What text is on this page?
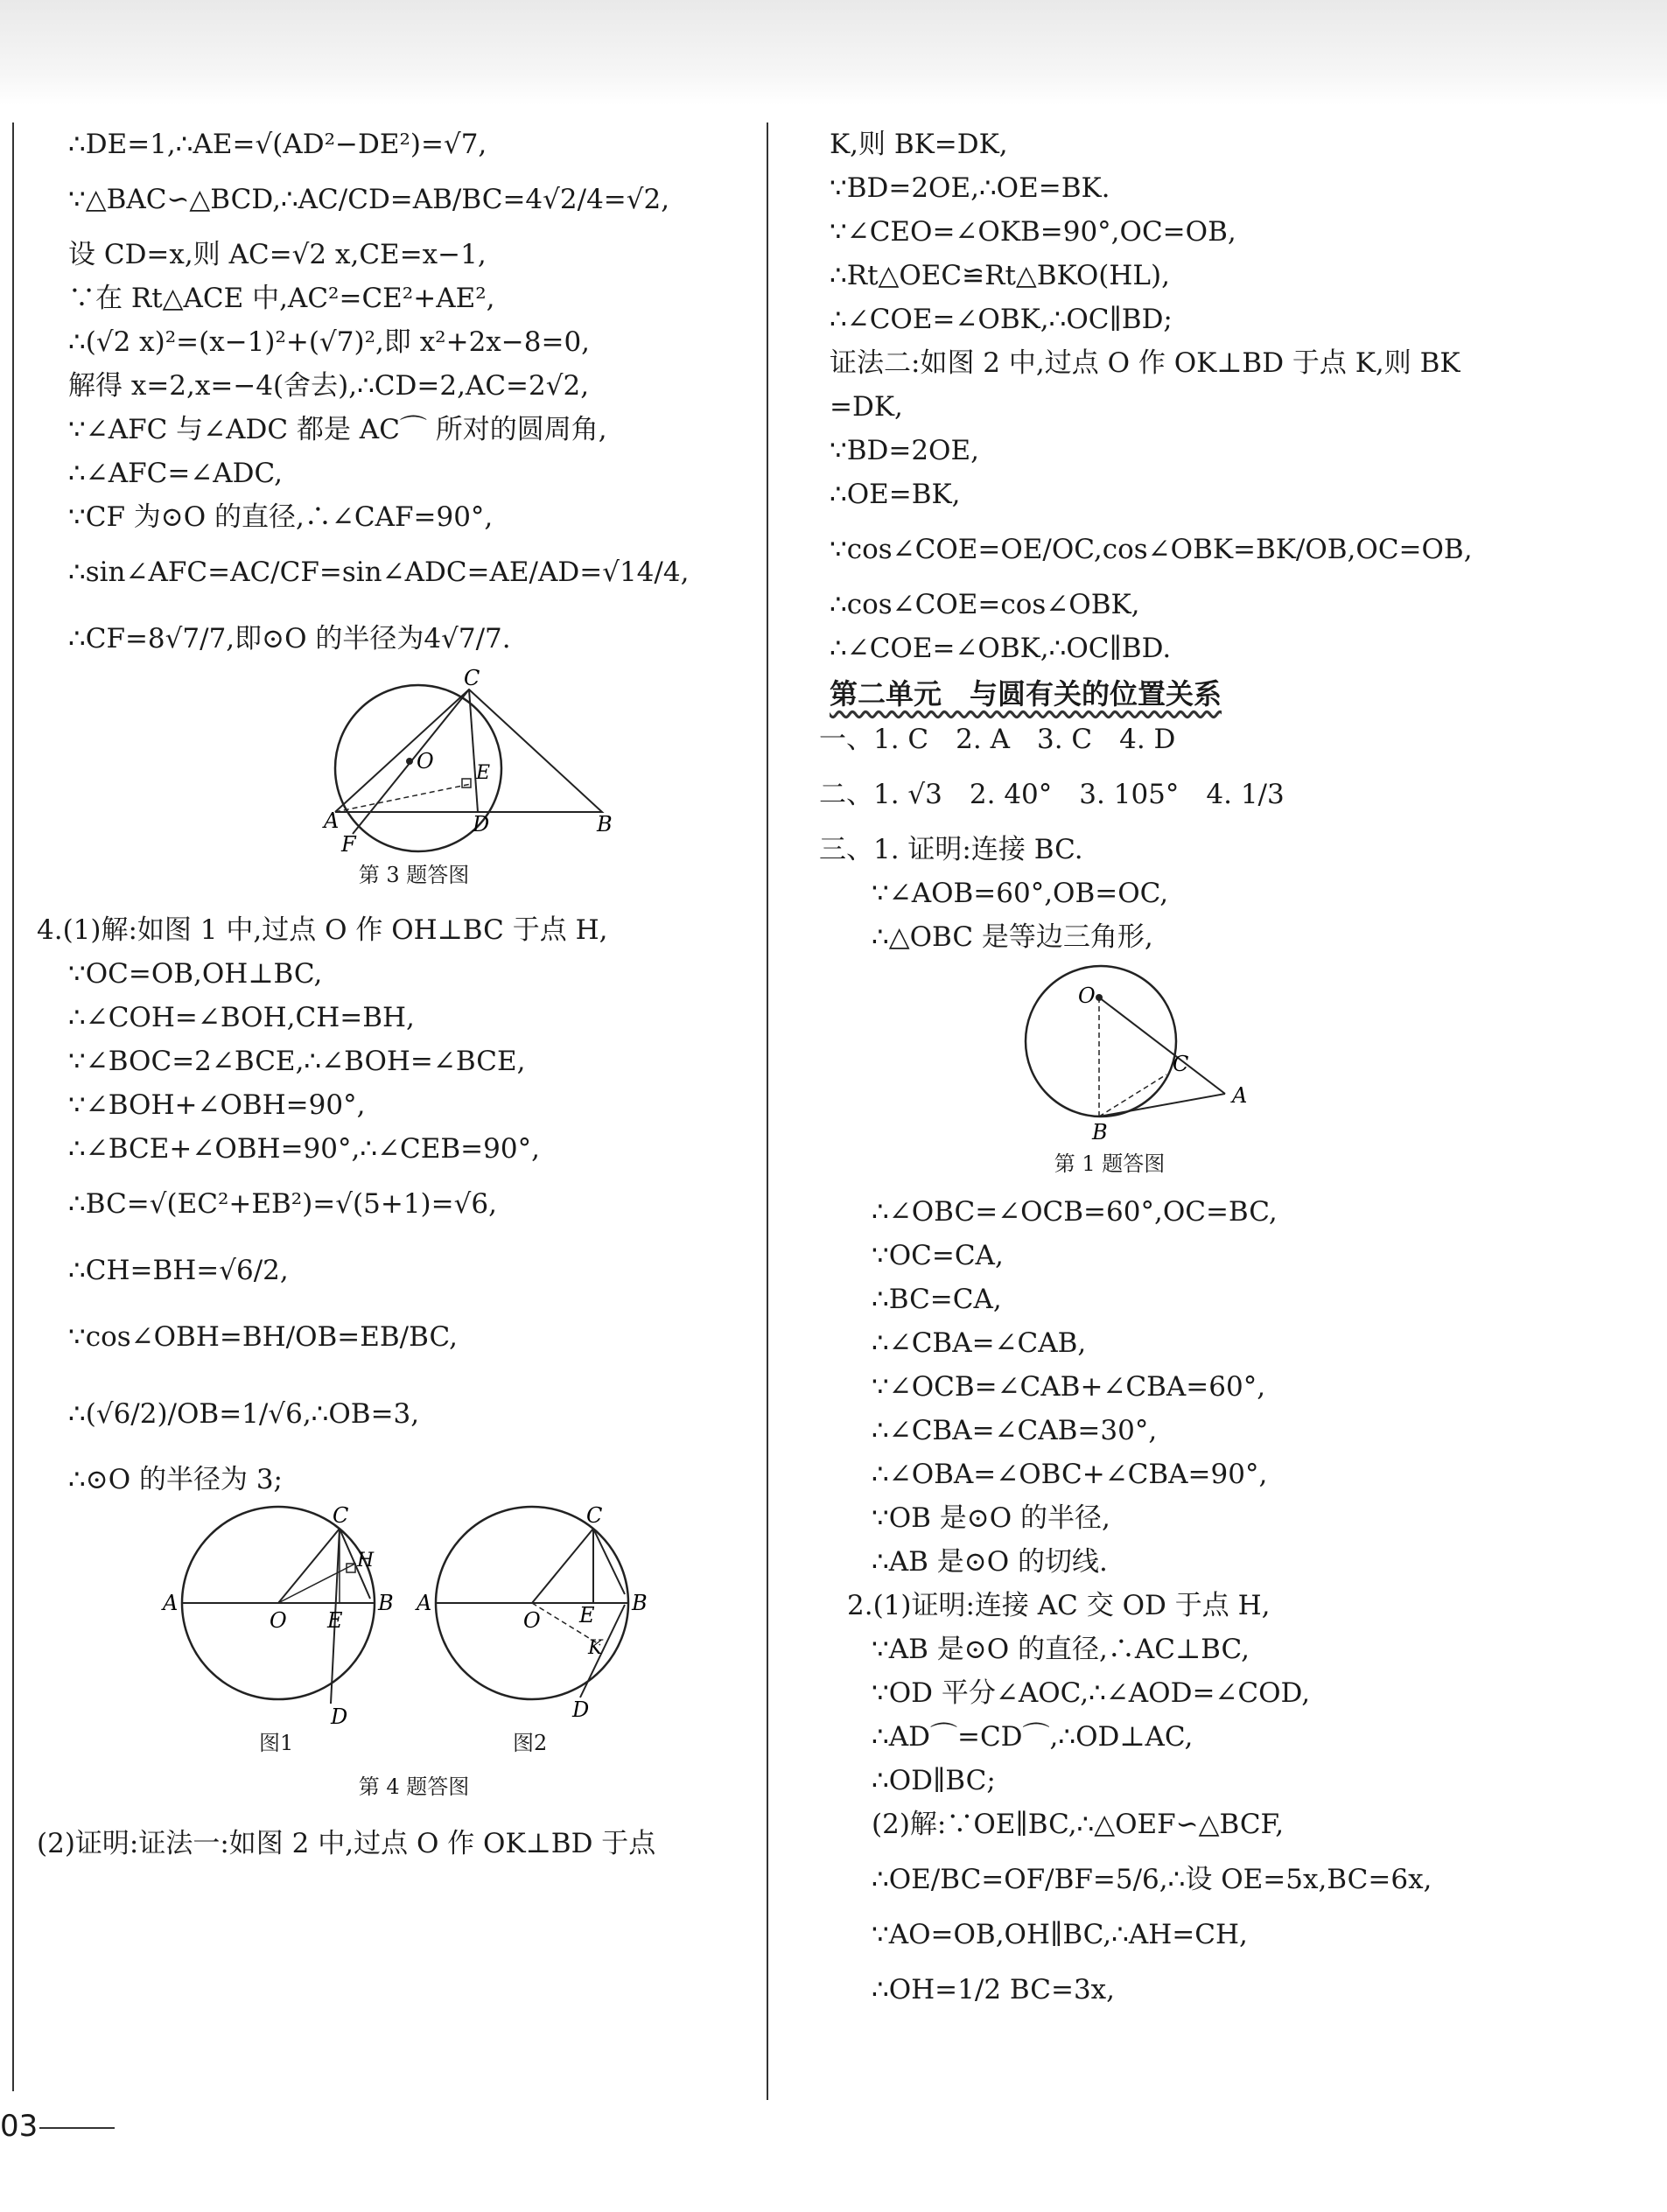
∴DE=1,∴AE=√(AD²−DE²)=√7,
∵△BAC∽△BCD,∴AC/CD=AB/BC=4√2/4=√2,
设 CD=x,则 AC=√2 x,CE=x−1,
∵在 Rt△ACE 中,AC²=CE²+AE²,
∴(√2 x)²=(x−1)²+(√7)²,即 x²+2x−8=0,
解得 x=2,x=−4(舍去),∴CD=2,AC=2√2,
∵∠AFC 与∠ADC 都是 AC⌒ 所对的圆周角,
∴∠AFC=∠ADC,
∵CF 为⊙O 的直径,∴∠CAF=90°,
∴sin∠AFC=AC/CF=sin∠ADC=AE/AD=√14/4,
∴CF=8√7/7,即⊙O 的半径为4√7/7.
C
O E
A	D	B
F
第 3 题答图
4.(1)解:如图 1 中,过点 O 作 OH⊥BC 于点 H,
∵OC=OB,OH⊥BC,
∴∠COH=∠BOH,CH=BH,
∵∠BOC=2∠BCE,∴∠BOH=∠BCE,
∵∠BOH+∠OBH=90°,
∴∠BCE+∠OBH=90°,∴∠CEB=90°,
∴BC=√(EC²+EB²)=√(5+1)=√6,
∴CH=BH=√6/2,
∵cos∠OBH=BH/OB=EB/BC,
∴(√6/2)/OB=1/√6,∴OB=3,
∴⊙O 的半径为 3;
C
H
A
O E
B
D
C
A
O E B
K
D
图1	图2
第 4 题答图
(2)证明:证法一:如图 2 中,过点 O 作 OK⊥BD 于点
K,则 BK=DK,
∵BD=2OE,∴OE=BK.
∵∠CEO=∠OKB=90°,OC=OB,
∴Rt△OEC≌Rt△BKO(HL),
∴∠COE=∠OBK,∴OC∥BD;
证法二:如图 2 中,过点 O 作 OK⊥BD 于点 K,则 BK
=DK,
∵BD=2OE,
∴OE=BK,
∵cos∠COE=OE/OC,cos∠OBK=BK/OB,OC=OB,
∴cos∠COE=cos∠OBK,
∴∠COE=∠OBK,∴OC∥BD.
第二单元　与圆有关的位置关系
一、1. C　2. A　3. C　4. D
二、1. √3　2. 40°　3. 105°　4. 1/3
三、1. 证明:连接 BC.
∵∠AOB=60°,OB=OC,
∴△OBC 是等边三角形,
O
C
B
A
第 1 题答图
∴∠OBC=∠OCB=60°,OC=BC,
∵OC=CA,
∴BC=CA,
∴∠CBA=∠CAB,
∵∠OCB=∠CAB+∠CBA=60°,
∴∠CBA=∠CAB=30°,
∴∠OBA=∠OBC+∠CBA=90°,
∵OB 是⊙O 的半径,
∴AB 是⊙O 的切线.
2.(1)证明:连接 AC 交 OD 于点 H,
∵AB 是⊙O 的直径,∴AC⊥BC,
∵OD 平分∠AOC,∴∠AOD=∠COD,
∴AD⌒=CD⌒,∴OD⊥AC,
∴OD∥BC;
(2)解:∵OE∥BC,∴△OEF∽△BCF,
∴OE/BC=OF/BF=5/6,∴设 OE=5x,BC=6x,
∵AO=OB,OH∥BC,∴AH=CH,
∴OH=1/2 BC=3x,
03
